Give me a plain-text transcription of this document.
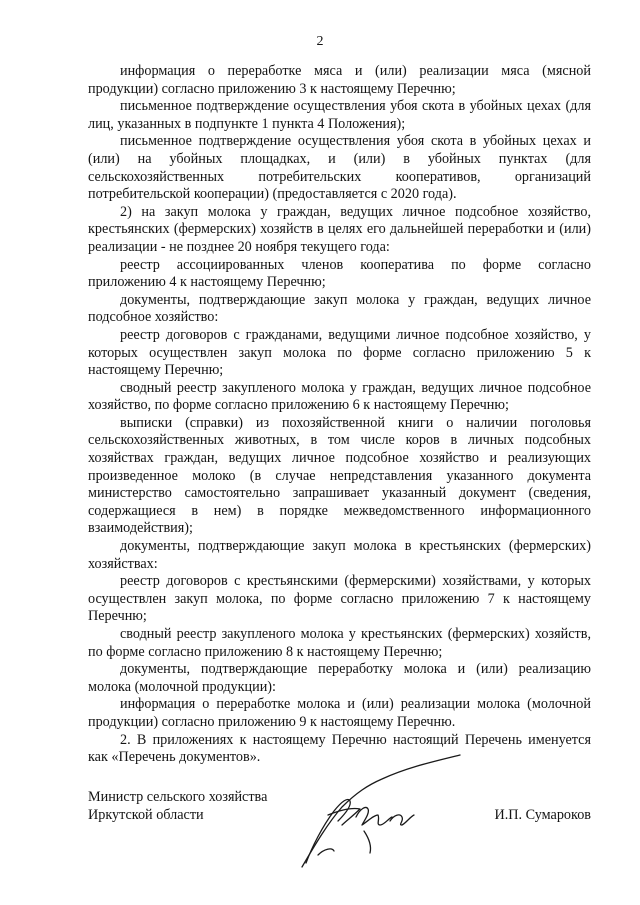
2

информация о переработке мяса и (или) реализации мяса (мясной продукции) согласно приложению 3 к настоящему Перечню;

письменное подтверждение осуществления убоя скота в убойных цехах (для лиц, указанных в подпункте 1 пункта 4 Положения);

письменное подтверждение осуществления убоя скота в убойных цехах и (или) на убойных площадках, и (или) в убойных пунктах (для сельскохозяйственных потребительских кооперативов, организаций потребительской кооперации) (предоставляется с 2020 года).

2) на закуп молока у граждан, ведущих личное подсобное хозяйство, крестьянских (фермерских) хозяйств в целях его дальнейшей переработки и (или) реализации - не позднее 20 ноября текущего года:

реестр ассоциированных членов кооператива по форме согласно приложению 4 к настоящему Перечню;

документы, подтверждающие закуп молока у граждан, ведущих личное подсобное хозяйство:

реестр договоров с гражданами, ведущими личное подсобное хозяйство, у которых осуществлен закуп молока по форме согласно приложению 5 к настоящему Перечню;

сводный реестр закупленого молока у граждан, ведущих личное подсобное хозяйство, по форме согласно приложению 6 к настоящему Перечню;

выписки (справки) из похозяйственной книги о наличии поголовья сельскохозяйственных животных, в том числе коров в личных подсобных хозяйствах граждан, ведущих личное подсобное хозяйство и реализующих произведенное молоко (в случае непредставления указанного документа министерство самостоятельно запрашивает указанный документ (сведения, содержащиеся в нем) в порядке межведомственного информационного взаимодействия);

документы, подтверждающие закуп молока в крестьянских (фермерских) хозяйствах:

реестр договоров с крестьянскими (фермерскими) хозяйствами, у которых осуществлен закуп молока, по форме согласно приложению 7 к настоящему Перечню;

сводный реестр закупленого молока у крестьянских (фермерских) хозяйств, по форме согласно приложению 8 к настоящему Перечню;

документы, подтверждающие переработку молока и (или) реализацию молока (молочной продукции):

информация о переработке молока и (или) реализации молока (молочной продукции) согласно приложению 9 к настоящему Перечню.

2. В приложениях к настоящему Перечню настоящий Перечень именуется как «Перечень документов».

Министр сельского хозяйства
Иркутской области	И.П. Сумароков
